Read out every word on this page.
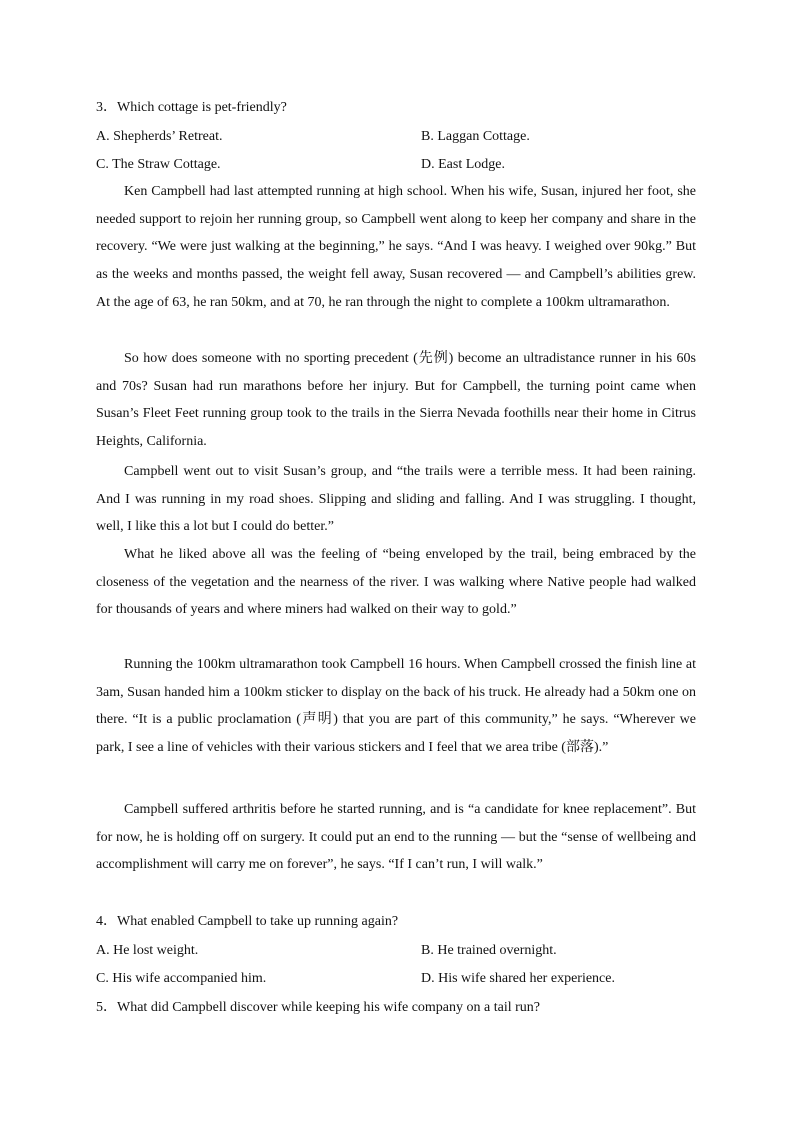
3．Which cottage is pet-friendly?
A. Shepherds’ Retreat.	B. Laggan Cottage.
C. The Straw Cottage.	D. East Lodge.

Ken Campbell had last attempted running at high school. When his wife, Susan, injured her foot, she needed support to rejoin her running group, so Campbell went along to keep her company and share in the recovery. “We were just walking at the beginning,” he says. “And I was heavy. I weighed over 90kg.” But as the weeks and months passed, the weight fell away, Susan recovered — and Campbell’s abilities grew. At the age of 63, he ran 50km, and at 70, he ran through the night to complete a 100km ultramarathon.

So how does someone with no sporting precedent (先例) become an ultradistance runner in his 60s and 70s? Susan had run marathons before her injury. But for Campbell, the turning point came when Susan’s Fleet Feet running group took to the trails in the Sierra Nevada foothills near their home in Citrus Heights, California.

Campbell went out to visit Susan’s group, and “the trails were a terrible mess. It had been raining. And I was running in my road shoes. Slipping and sliding and falling. And I was struggling. I thought, well, I like this a lot but I could do better.”

What he liked above all was the feeling of “being enveloped by the trail, being embraced by the closeness of the vegetation and the nearness of the river. I was walking where Native people had walked for thousands of years and where miners had walked on their way to gold.”

Running the 100km ultramarathon took Campbell 16 hours. When Campbell crossed the finish line at 3am, Susan handed him a 100km sticker to display on the back of his truck. He already had a 50km one on there. “It is a public proclamation (声明) that you are part of this community,” he says. “Wherever we park, I see a line of vehicles with their various stickers and I feel that we area tribe (部落).”

Campbell suffered arthritis before he started running, and is “a candidate for knee replacement”. But for now, he is holding off on surgery. It could put an end to the running — but the “sense of wellbeing and accomplishment will carry me on forever”, he says. “If I can’t run, I will walk.”

4．What enabled Campbell to take up running again?
A. He lost weight.	B. He trained overnight.
C. His wife accompanied him.	D. His wife shared her experience.
5．What did Campbell discover while keeping his wife company on a tail run?
